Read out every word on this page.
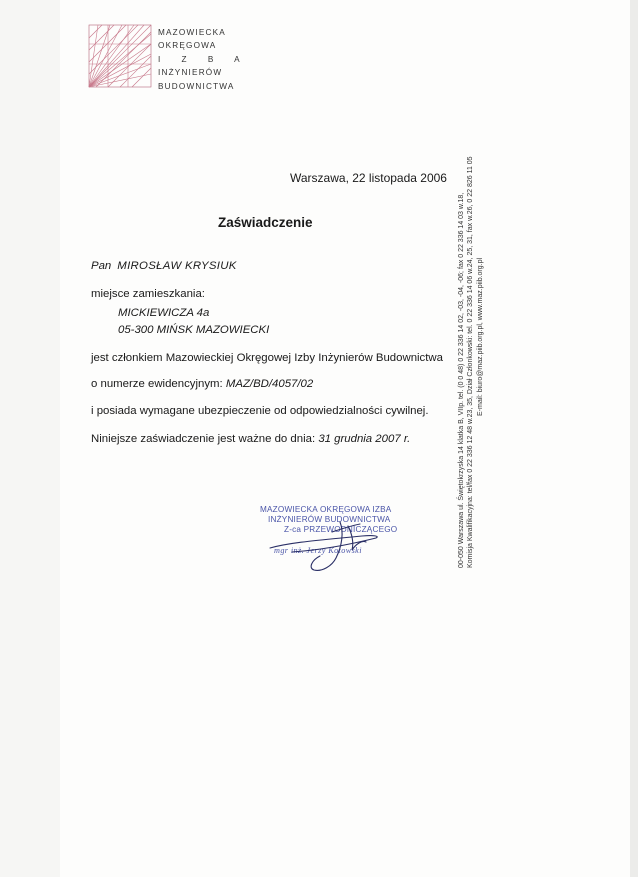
MAZOWIECKA
OKRĘGOWA
I Z B A
INŻYNIERÓW
BUDOWNICTWA
Warszawa, 22 listopada 2006
Zaświadczenie
Pan MIROSŁAW KRYSIUK
miejsce zamieszkania:
MICKIEWICZA 4a
05-300 MIŃSK MAZOWIECKI
jest członkiem Mazowieckiej Okręgowej Izby Inżynierów Budownictwa
o numerze ewidencyjnym: MAZ/BD/4057/02
i posiada wymagane ubezpieczenie od odpowiedzialności cywilnej.
Niniejsze zaświadczenie jest ważne do dnia: 31 grudnia 2007 r.
MAZOWIECKA OKRĘGOWA IZBA
INŻYNIERÓW BUDOWNICTWA
Z-ca PRZEWODNICZĄCEGO
mgr inż. Jerzy Kotowski	00-050 Warszawa ul. Świętokrzyska 14 klatka B, VIIp. tel. (0 0 48) 0 22 336 14 02, -03, -04, -06; fax 0 22 336 14 03 w.18, Komisja Kwalifikacyjna: tel/fax 0 22 336 12 48 w.23, 35, Dział Członkowski: tel. 0 22 336 14 06 w.24, 25, 31, fax w.26, 0 22 826 11 05 E-mail: biuro@maz.piib.org.pl, www.maz.piib.org.pl
